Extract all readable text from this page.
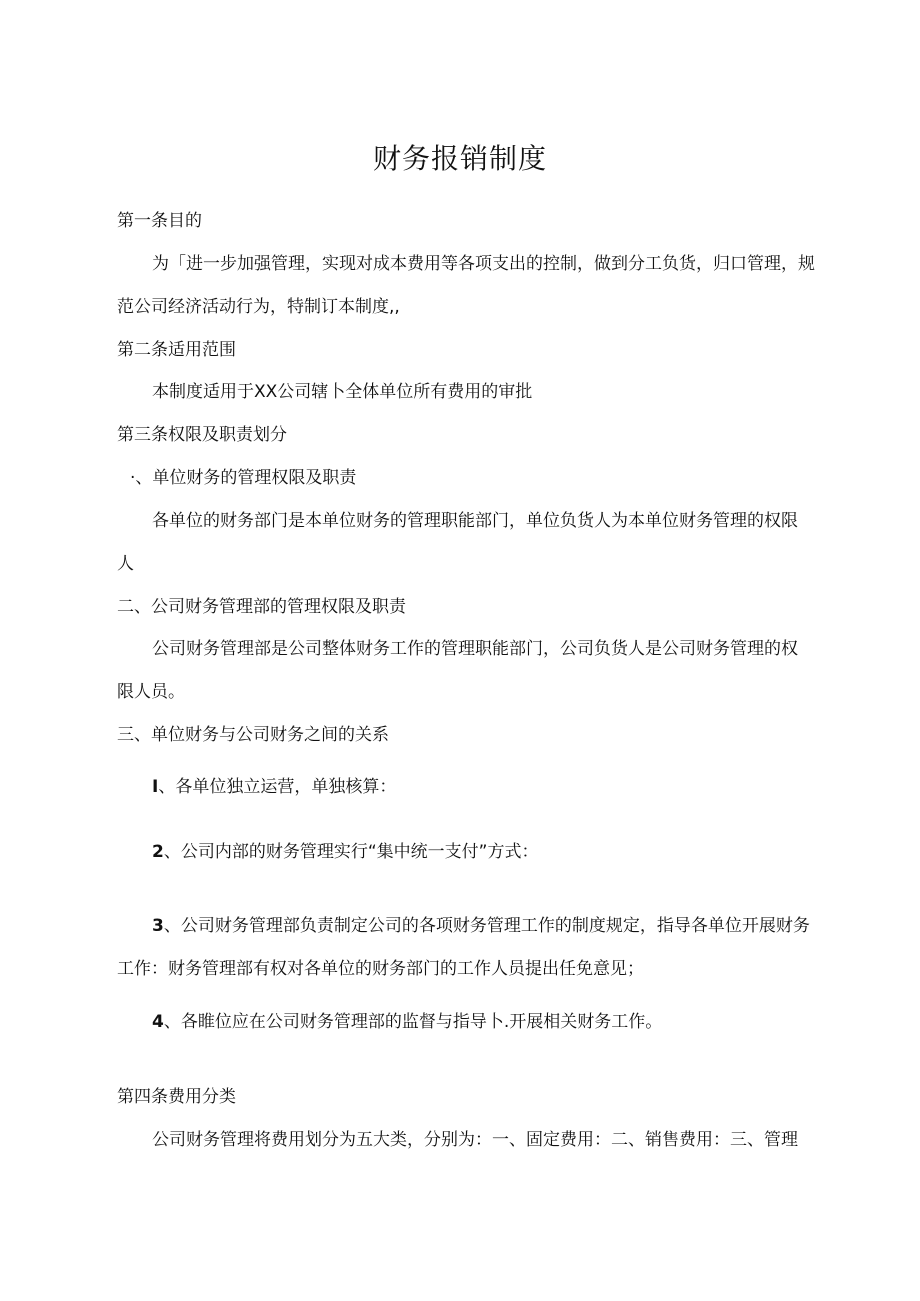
财务报销制度
第一条目的
为「进一步加强管理，实现对成本费用等各项支出的控制，做到分工负货，归口管理，规
范公司经济活动行为，特制订本制度,,
第二条适用范围
本制度适用于XX公司辖卜全体单位所有费用的审批
第三条权限及职责划分
·、单位财务的管理权限及职责
各单位的财务部门是本单位财务的管理职能部门，单位负货人为本单位财务管理的权限
人
二、公司财务管理部的管理权限及职责
公司财务管理部是公司整体财务工作的管理职能部门，公司负货人是公司财务管理的权
限人员。
三、单位财务与公司财务之间的关系
I、各单位独立运营，单独核算：
2、公司内部的财务管理实行“集中统一支付”方式：
3、公司财务管理部负责制定公司的各项财务管理工作的制度规定，指导各单位开展财务
工作：财务管理部有权对各单位的财务部门的工作人员提出任免意见；
4、各睢位应在公司财务管理部的监督与指导卜.开展相关财务工作。
第四条费用分类
公司财务管理将费用划分为五大类，分别为：一、固定费用：二、销售费用：三、管理
